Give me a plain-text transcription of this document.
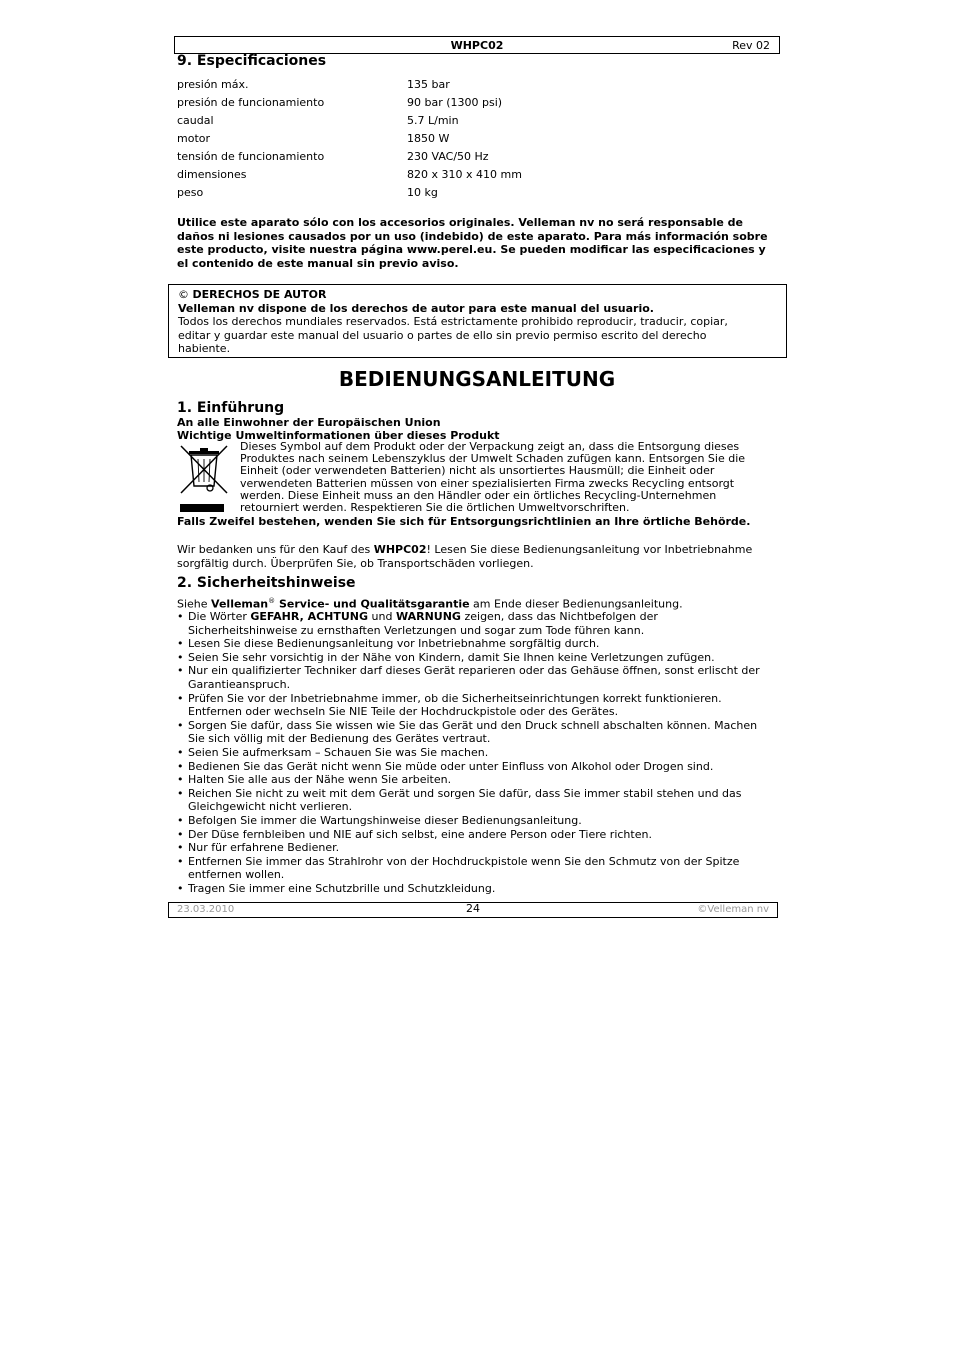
WHPC02	Rev 02
9. Especificaciones
presión máx.	135 bar
presión de funcionamiento	90 bar (1300 psi)
caudal	5.7 L/min
motor	1850 W
tensión de funcionamiento	230 VAC/50 Hz
dimensiones	820 x 310 x 410 mm
peso	10 kg
Utilice este aparato sólo con los accesorios originales. Velleman nv no será responsable de
daños ni lesiones causados por un uso (indebido) de este aparato. Para más información sobre
este producto, visite nuestra página www.perel.eu. Se pueden modificar las especificaciones y
el contenido de este manual sin previo aviso.
© DERECHOS DE AUTOR
Velleman nv dispone de los derechos de autor para este manual del usuario.
Todos los derechos mundiales reservados. Está estrictamente prohibido reproducir, traducir, copiar,
editar y guardar este manual del usuario o partes de ello sin previo permiso escrito del derecho
habiente.
BEDIENUNGSANLEITUNG
1. Einführung
An alle Einwohner der Europäischen Union
Wichtige Umweltinformationen über dieses Produkt
Dieses Symbol auf dem Produkt oder der Verpackung zeigt an, dass die Entsorgung dieses
Produktes nach seinem Lebenszyklus der Umwelt Schaden zufügen kann. Entsorgen Sie die
Einheit (oder verwendeten Batterien) nicht als unsortiertes Hausmüll; die Einheit oder
verwendeten Batterien müssen von einer spezialisierten Firma zwecks Recycling entsorgt
werden. Diese Einheit muss an den Händler oder ein örtliches Recycling-Unternehmen
retourniert werden. Respektieren Sie die örtlichen Umweltvorschriften.
Falls Zweifel bestehen, wenden Sie sich für Entsorgungsrichtlinien an Ihre örtliche Behörde.
Wir bedanken uns für den Kauf des WHPC02! Lesen Sie diese Bedienungsanleitung vor Inbetriebnahme
sorgfältig durch. Überprüfen Sie, ob Transportschäden vorliegen.
2. Sicherheitshinweise
Siehe Velleman® Service- und Qualitätsgarantie am Ende dieser Bedienungsanleitung.
• Die Wörter GEFAHR, ACHTUNG und WARNUNG zeigen, dass das Nichtbefolgen der
Sicherheitshinweise zu ernsthaften Verletzungen und sogar zum Tode führen kann.
• Lesen Sie diese Bedienungsanleitung vor Inbetriebnahme sorgfältig durch.
• Seien Sie sehr vorsichtig in der Nähe von Kindern, damit Sie Ihnen keine Verletzungen zufügen.
• Nur ein qualifizierter Techniker darf dieses Gerät reparieren oder das Gehäuse öffnen, sonst erlischt der
Garantieanspruch.
• Prüfen Sie vor der Inbetriebnahme immer, ob die Sicherheitseinrichtungen korrekt funktionieren.
Entfernen oder wechseln Sie NIE Teile der Hochdruckpistole oder des Gerätes.
• Sorgen Sie dafür, dass Sie wissen wie Sie das Gerät und den Druck schnell abschalten können. Machen
Sie sich völlig mit der Bedienung des Gerätes vertraut.
• Seien Sie aufmerksam – Schauen Sie was Sie machen.
• Bedienen Sie das Gerät nicht wenn Sie müde oder unter Einfluss von Alkohol oder Drogen sind.
• Halten Sie alle aus der Nähe wenn Sie arbeiten.
• Reichen Sie nicht zu weit mit dem Gerät und sorgen Sie dafür, dass Sie immer stabil stehen und das
Gleichgewicht nicht verlieren.
• Befolgen Sie immer die Wartungshinweise dieser Bedienungsanleitung.
• Der Düse fernbleiben und NIE auf sich selbst, eine andere Person oder Tiere richten.
• Nur für erfahrene Bediener.
• Entfernen Sie immer das Strahlrohr von der Hochdruckpistole wenn Sie den Schmutz von der Spitze
entfernen wollen.
• Tragen Sie immer eine Schutzbrille und Schutzkleidung.
23.03.2010	24	©Velleman nv
